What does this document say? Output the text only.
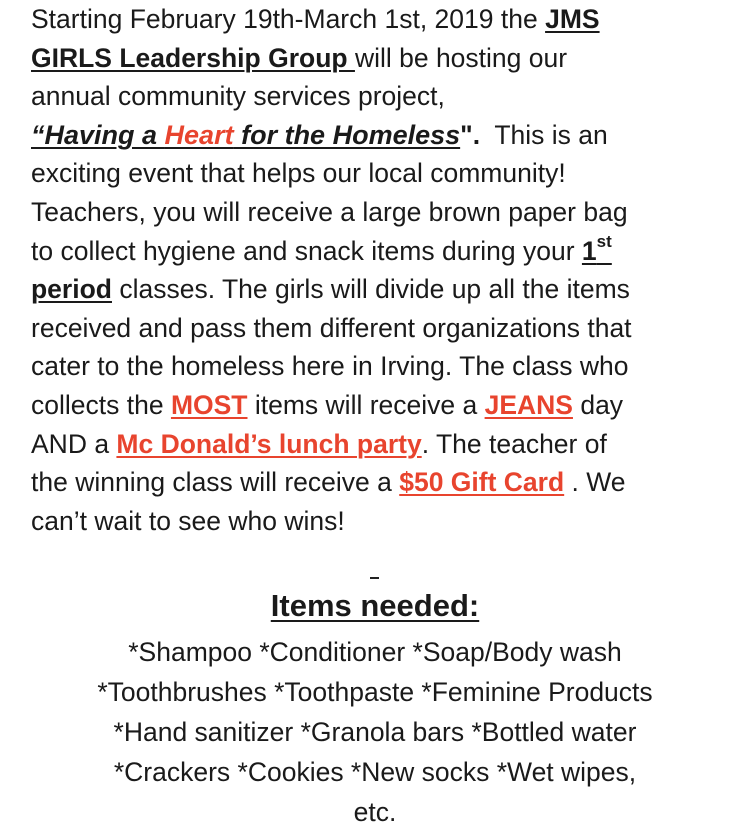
Starting February 19th-March 1st, 2019 the JMS
GIRLS Leadership Group will be hosting our
annual community services project,
“Having a Heart for the Homeless".  This is an
exciting event that helps our local community!
Teachers, you will receive a large brown paper bag
to collect hygiene and snack items during your 1st
period classes. The girls will divide up all the items
received and pass them different organizations that
cater to the homeless here in Irving. The class who
collects the MOST items will receive a JEANS day
AND a Mc Donald’s lunch party. The teacher of
the winning class will receive a $50 Gift Card . We
can’t wait to see who wins!

Items needed:

*Shampoo *Conditioner *Soap/Body wash
*Toothbrushes *Toothpaste *Feminine Products
*Hand sanitizer *Granola bars *Bottled water
*Crackers *Cookies *New socks *Wet wipes,
etc.
